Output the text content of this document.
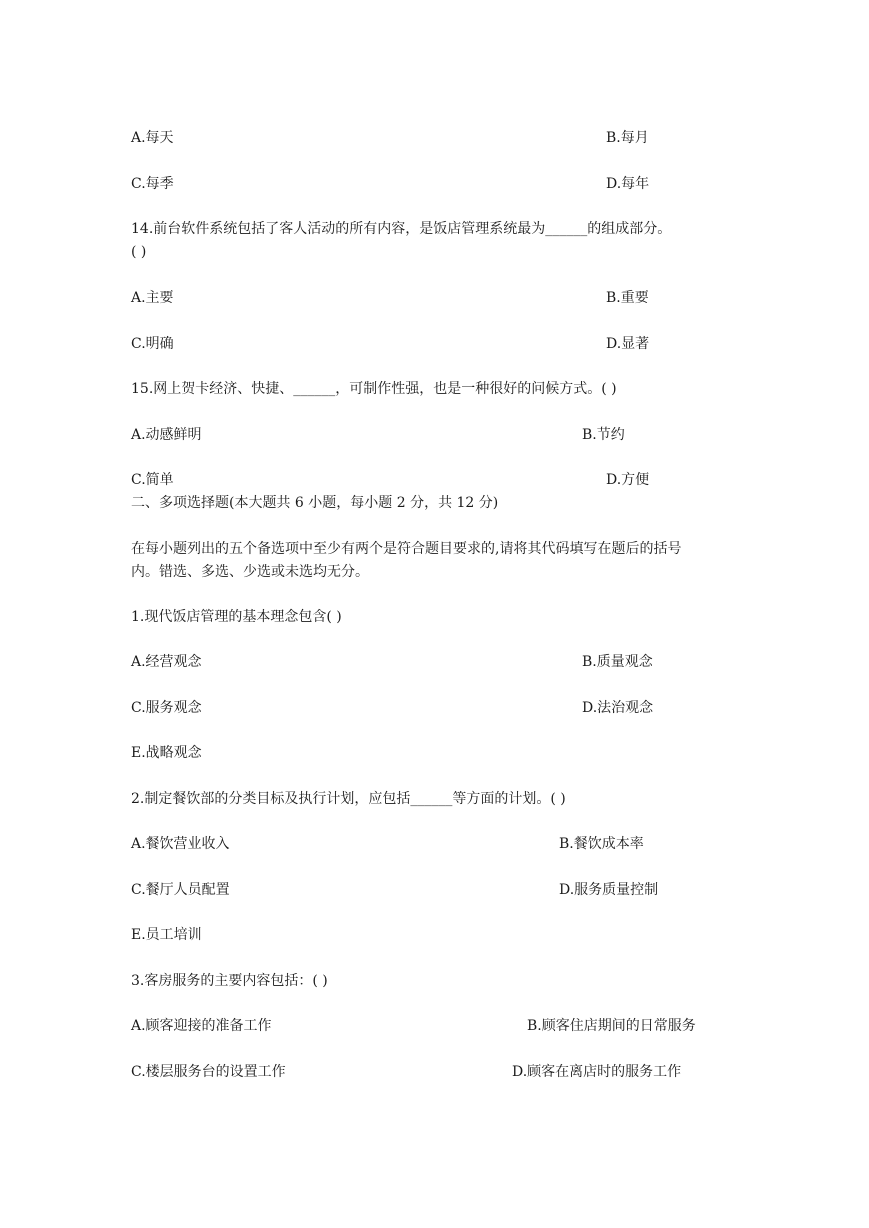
A.每天	B.每月
C.每季	D.每年
14.前台软件系统包括了客人活动的所有内容，是饭店管理系统最为______的组成部分。
( )
A.主要	B.重要
C.明确	D.显著
15.网上贺卡经济、快捷、______，可制作性强，也是一种很好的问候方式。( )
A.动感鲜明	B.节约
C.简单	D.方便
二、多项选择题(本大题共 6 小题，每小题 2 分，共 12 分)
在每小题列出的五个备选项中至少有两个是符合题目要求的,请将其代码填写在题后的括号
内。错选、多选、少选或未选均无分。
1.现代饭店管理的基本理念包含( )
A.经营观念	B.质量观念
C.服务观念	D.法治观念
E.战略观念
2.制定餐饮部的分类目标及执行计划，应包括______等方面的计划。( )
A.餐饮营业收入	B.餐饮成本率
C.餐厅人员配置	D.服务质量控制
E.员工培训
3.客房服务的主要内容包括：( )
A.顾客迎接的准备工作	B.顾客住店期间的日常服务
C.楼层服务台的设置工作	D.顾客在离店时的服务工作
